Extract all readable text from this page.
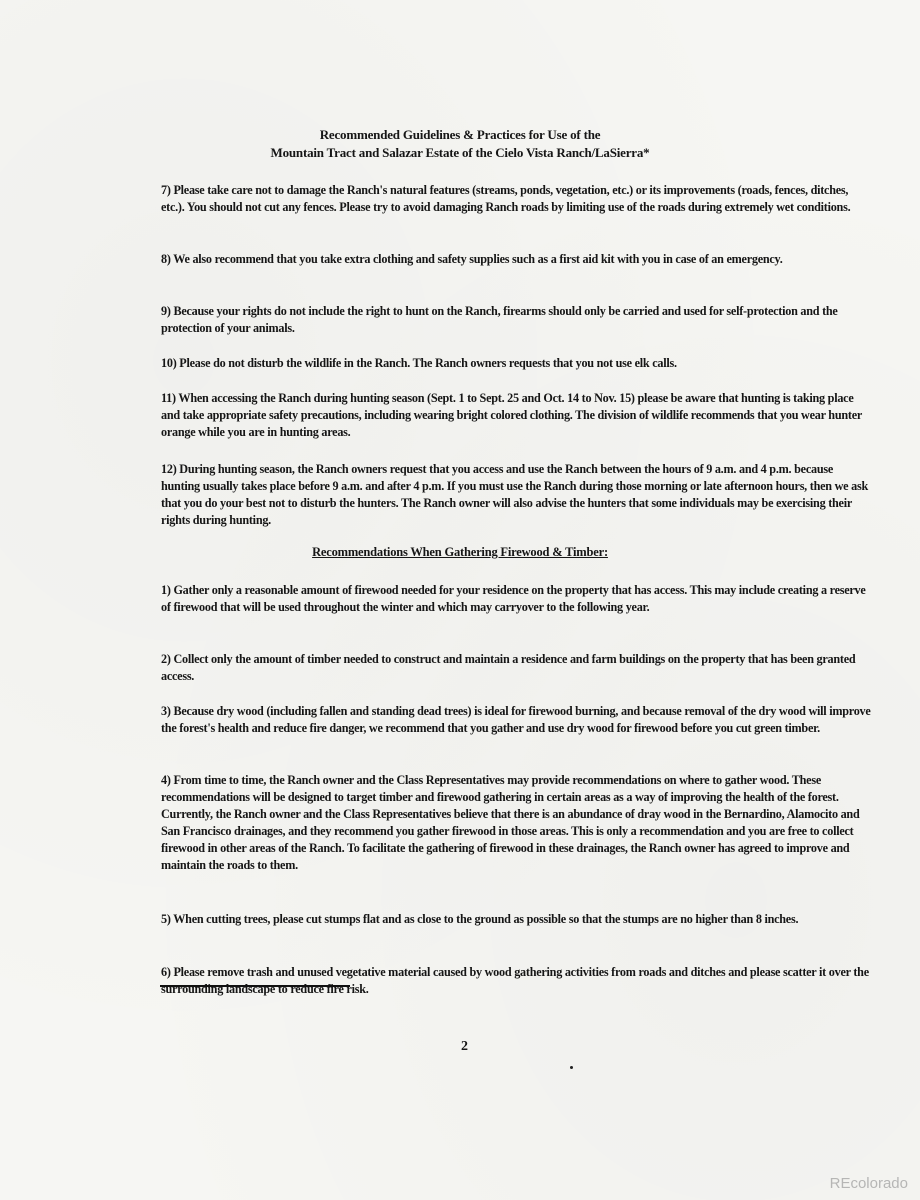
Recommended Guidelines & Practices for Use of the
Mountain Tract and Salazar Estate of the Cielo Vista Ranch/LaSierra*
7) Please take care not to damage the Ranch's natural features (streams, ponds, vegetation, etc.) or its improvements (roads, fences, ditches, etc.). You should not cut any fences. Please try to avoid damaging Ranch roads by limiting use of the roads during extremely wet conditions.
8) We also recommend that you take extra clothing and safety supplies such as a first aid kit with you in case of an emergency.
9) Because your rights do not include the right to hunt on the Ranch, firearms should only be carried and used for self-protection and the protection of your animals.
10) Please do not disturb the wildlife in the Ranch. The Ranch owners requests that you not use elk calls.
11) When accessing the Ranch during hunting season (Sept. 1 to Sept. 25 and Oct. 14 to Nov. 15) please be aware that hunting is taking place and take appropriate safety precautions, including wearing bright colored clothing. The division of wildlife recommends that you wear hunter orange while you are in hunting areas.
12) During hunting season, the Ranch owners request that you access and use the Ranch between the hours of 9 a.m. and 4 p.m. because hunting usually takes place before 9 a.m. and after 4 p.m. If you must use the Ranch during those morning or late afternoon hours, then we ask that you do your best not to disturb the hunters. The Ranch owner will also advise the hunters that some individuals may be exercising their rights during hunting.
Recommendations When Gathering Firewood & Timber:
1) Gather only a reasonable amount of firewood needed for your residence on the property that has access. This may include creating a reserve of firewood that will be used throughout the winter and which may carryover to the following year.
2) Collect only the amount of timber needed to construct and maintain a residence and farm buildings on the property that has been granted access.
3) Because dry wood (including fallen and standing dead trees) is ideal for firewood burning, and because removal of the dry wood will improve the forest's health and reduce fire danger, we recommend that you gather and use dry wood for firewood before you cut green timber.
4) From time to time, the Ranch owner and the Class Representatives may provide recommendations on where to gather wood. These recommendations will be designed to target timber and firewood gathering in certain areas as a way of improving the health of the forest. Currently, the Ranch owner and the Class Representatives believe that there is an abundance of dray wood in the Bernardino, Alamocito and San Francisco drainages, and they recommend you gather firewood in those areas. This is only a recommendation and you are free to collect firewood in other areas of the Ranch. To facilitate the gathering of firewood in these drainages, the Ranch owner has agreed to improve and maintain the roads to them.
5) When cutting trees, please cut stumps flat and as close to the ground as possible so that the stumps are no higher than 8 inches.
6) Please remove trash and unused vegetative material caused by wood gathering activities from roads and ditches and please scatter it over the surrounding landscape to reduce fire risk.
2
REcolorado
